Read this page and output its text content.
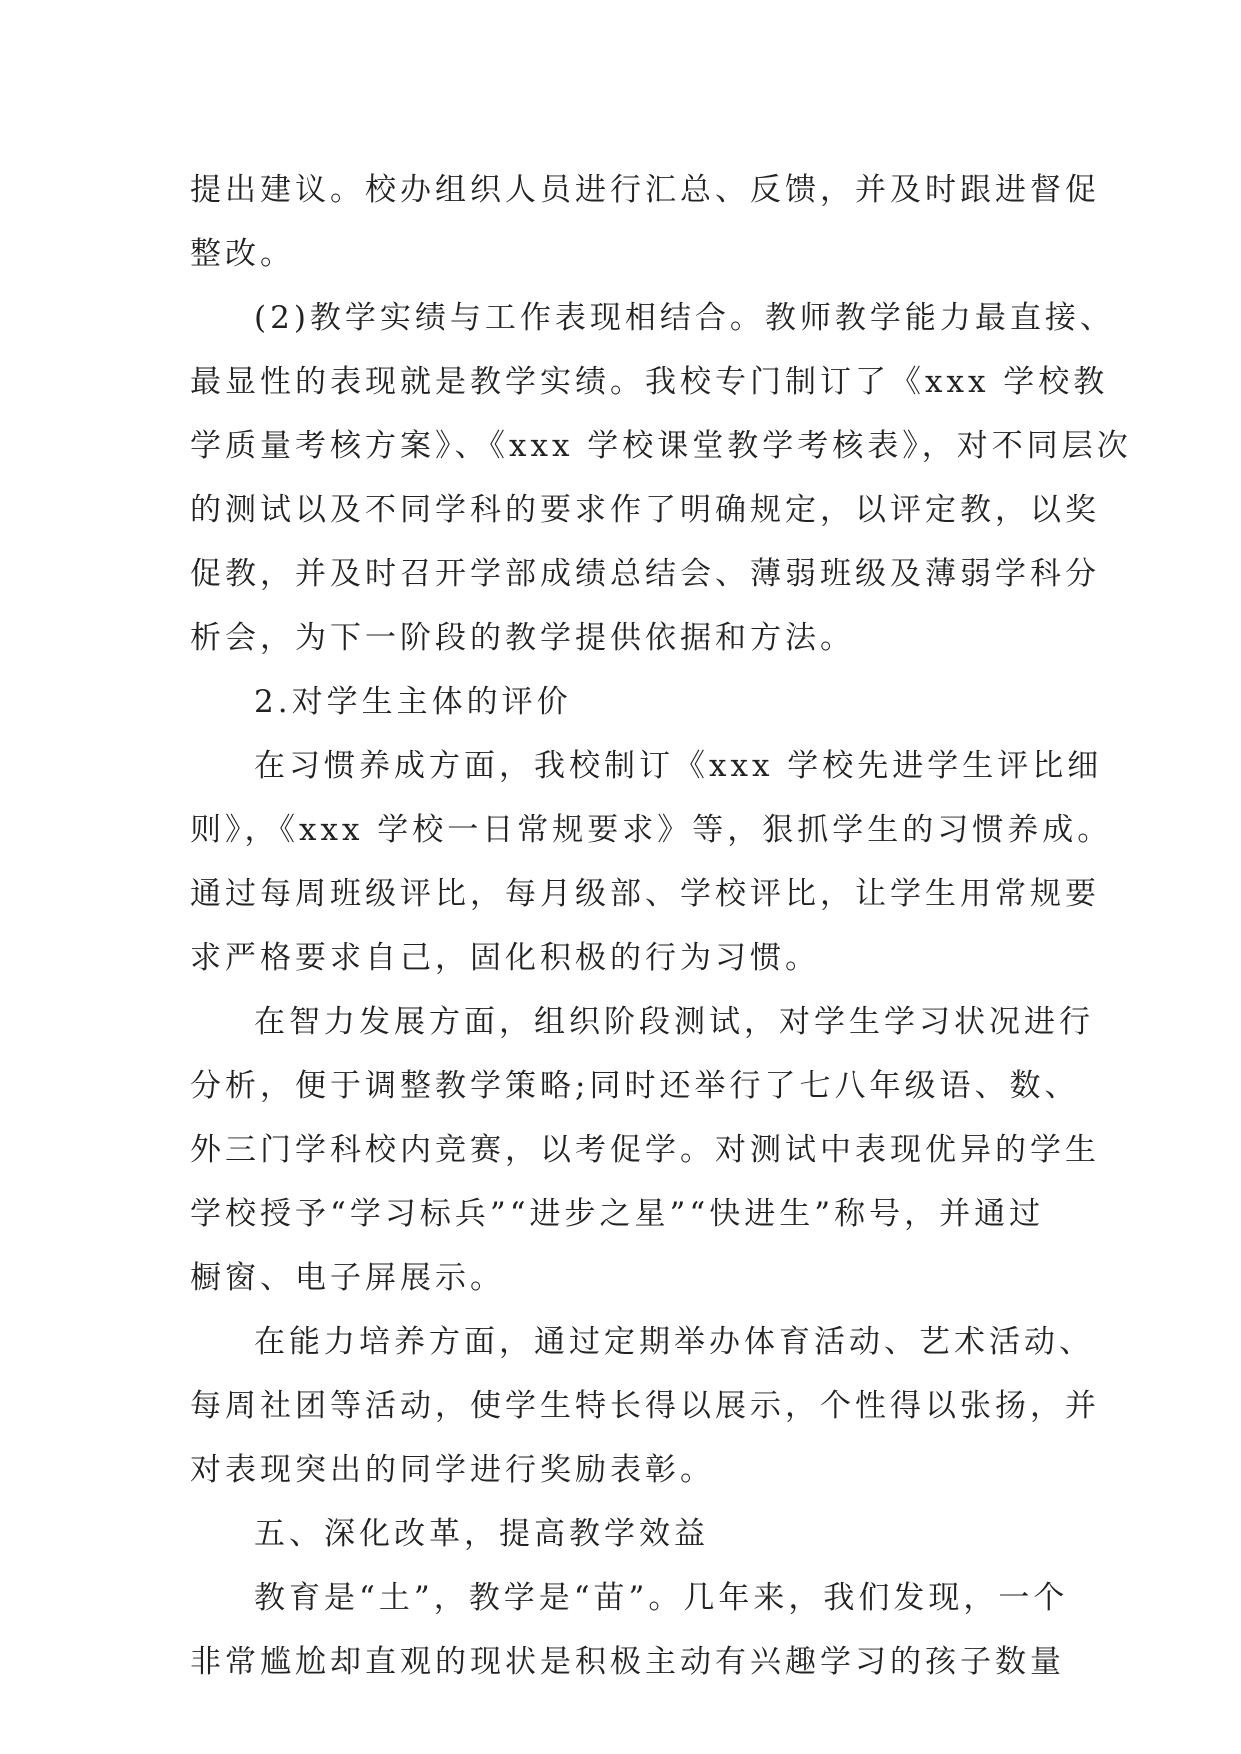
提出建议。校办组织人员进行汇总、反馈，并及时跟进督促
整改。
(2)教学实绩与工作表现相结合。教师教学能力最直接、
最显性的表现就是教学实绩。我校专门制订了《xxx 学校教
学质量考核方案》、《xxx 学校课堂教学考核表》，对不同层次
的测试以及不同学科的要求作了明确规定，以评定教，以奖
促教，并及时召开学部成绩总结会、薄弱班级及薄弱学科分
析会，为下一阶段的教学提供依据和方法。
2.对学生主体的评价
在习惯养成方面，我校制订《xxx 学校先进学生评比细
则》，《xxx 学校一日常规要求》等，狠抓学生的习惯养成。
通过每周班级评比，每月级部、学校评比，让学生用常规要
求严格要求自己，固化积极的行为习惯。
在智力发展方面，组织阶段测试，对学生学习状况进行
分析，便于调整教学策略;同时还举行了七八年级语、数、
外三门学科校内竞赛，以考促学。对测试中表现优异的学生
学校授予“学习标兵”“进步之星”“快进生”称号，并通过
橱窗、电子屏展示。
在能力培养方面，通过定期举办体育活动、艺术活动、
每周社团等活动，使学生特长得以展示，个性得以张扬，并
对表现突出的同学进行奖励表彰。
五、深化改革，提高教学效益
教育是“土”，教学是“苗”。几年来，我们发现，一个
非常尴尬却直观的现状是积极主动有兴趣学习的孩子数量
